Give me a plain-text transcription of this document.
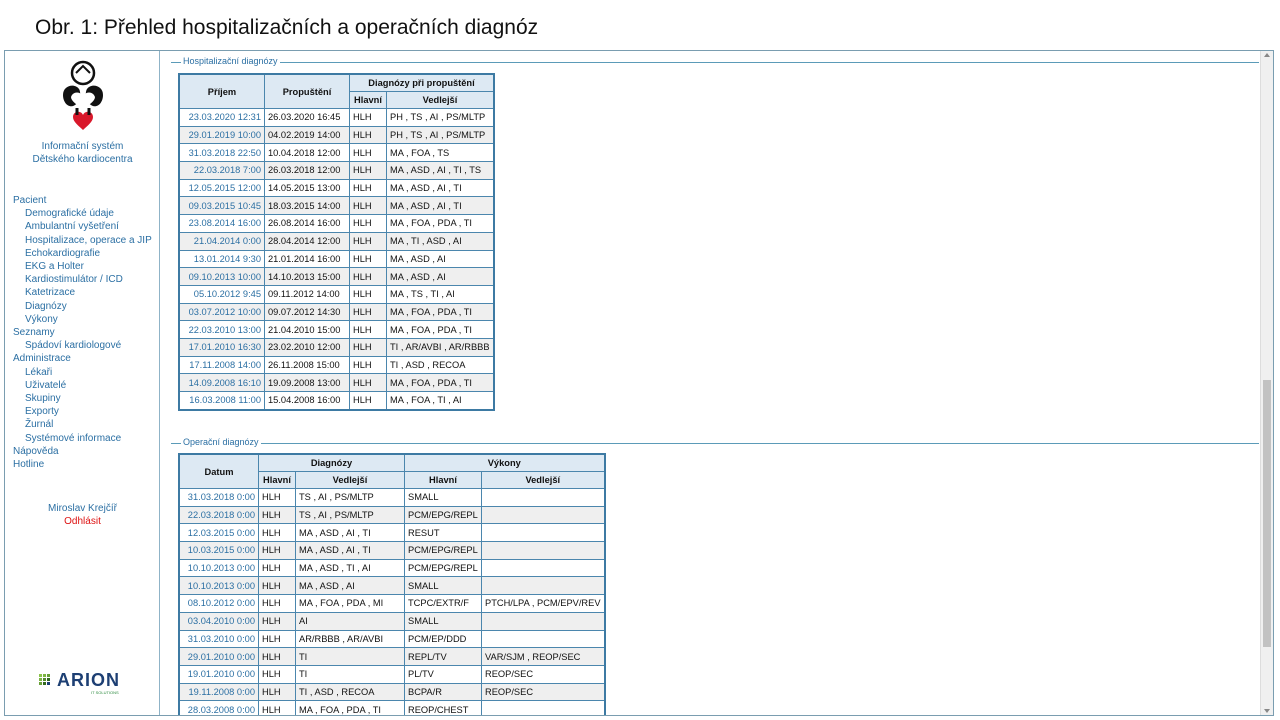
Obr. 1: Přehled hospitalizačních a operačních diagnóz
Informační systém
Dětského kardiocentra
Pacient
Demografické údaje
Ambulantní vyšetření
Hospitalizace, operace a JIP
Echokardiografie
EKG a Holter
Kardiostimulátor / ICD
Katetrizace
Diagnózy
Výkony
Seznamy
Spádoví kardiologové
Administrace
Lékaři
Uživatelé
Skupiny
Exporty
Žurnál
Systémové informace
Nápověda
Hotline
Miroslav Krejčíř
Odhlásit
ARION
IT SOLUTIONS
Hospitalizační diagnózy
Příjem	Propuštění	Diagnózy při propuštění	
		Hlavní	Vedlejší
23.03.2020 12:31	26.03.2020 16:45	HLH	PH , TS , AI , PS/MLTP
29.01.2019 10:00	04.02.2019 14:00	HLH	PH , TS , AI , PS/MLTP
31.03.2018 22:50	10.04.2018 12:00	HLH	MA , FOA , TS
22.03.2018 7:00	26.03.2018 12:00	HLH	MA , ASD , AI , TI , TS
12.05.2015 12:00	14.05.2015 13:00	HLH	MA , ASD , AI , TI
09.03.2015 10:45	18.03.2015 14:00	HLH	MA , ASD , AI , TI
23.08.2014 16:00	26.08.2014 16:00	HLH	MA , FOA , PDA , TI
21.04.2014 0:00	28.04.2014 12:00	HLH	MA , TI , ASD , AI
13.01.2014 9:30	21.01.2014 16:00	HLH	MA , ASD , AI
09.10.2013 10:00	14.10.2013 15:00	HLH	MA , ASD , AI
05.10.2012 9:45	09.11.2012 14:00	HLH	MA , TS , TI , AI
03.07.2012 10:00	09.07.2012 14:30	HLH	MA , FOA , PDA , TI
22.03.2010 13:00	21.04.2010 15:00	HLH	MA , FOA , PDA , TI
17.01.2010 16:30	23.02.2010 12:00	HLH	TI , AR/AVBI , AR/RBBB
17.11.2008 14:00	26.11.2008 15:00	HLH	TI , ASD , RECOA
14.09.2008 16:10	19.09.2008 13:00	HLH	MA , FOA , PDA , TI
16.03.2008 11:00	15.04.2008 16:00	HLH	MA , FOA , TI , AI
Operační diagnózy
Datum	Diagnózy		Výkony	
	Hlavní	Vedlejší	Hlavní	Vedlejší
31.03.2018 0:00	HLH	TS , AI , PS/MLTP	SMALL	
22.03.2018 0:00	HLH	TS , AI , PS/MLTP	PCM/EPG/REPL	
12.03.2015 0:00	HLH	MA , ASD , AI , TI	RESUT	
10.03.2015 0:00	HLH	MA , ASD , AI , TI	PCM/EPG/REPL	
10.10.2013 0:00	HLH	MA , ASD , TI , AI	PCM/EPG/REPL	
10.10.2013 0:00	HLH	MA , ASD , AI	SMALL	
08.10.2012 0:00	HLH	MA , FOA , PDA , MI	TCPC/EXTR/F	PTCH/LPA , PCM/EPV/REV
03.04.2010 0:00	HLH	AI	SMALL	
31.03.2010 0:00	HLH	AR/RBBB , AR/AVBI	PCM/EP/DDD	
29.01.2010 0:00	HLH	TI	REPL/TV	VAR/SJM , REOP/SEC
19.01.2010 0:00	HLH	TI	PL/TV	REOP/SEC
19.11.2008 0:00	HLH	TI , ASD , RECOA	BCPA/R	REOP/SEC
28.03.2008 0:00	HLH	MA , FOA , PDA , TI	REOP/CHEST	
